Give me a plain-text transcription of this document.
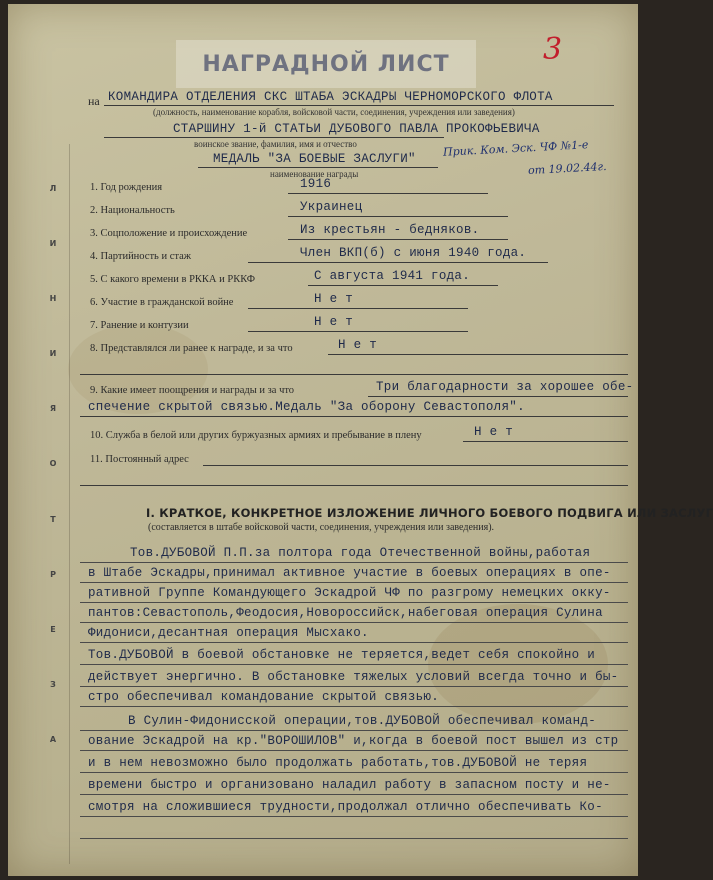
НАГРАДНОЙ ЛИСТ	3
на КОМАНДИРА ОТДЕЛЕНИЯ СКС ШТАБА ЭСКАДРЫ ЧЕРНОМОРСКОГО ФЛОТА
(должность, наименование корабля, войсковой части, соединения, учреждения или заведения)
СТАРШИНУ 1-й СТАТЬИ ДУБОВОГО ПАВЛА ПРОКОФЬЕВИЧА
воинское звание, фамилия, имя и отчество
МЕДАЛЬ "ЗА БОЕВЫЕ ЗАСЛУГИ"
наименование награды
Прик. Ком. Эск. ЧФ №1-е
от 19.02.44г.
1. Год рождения	1916
2. Национальность	Украинец
3. Соцположение и происхождение	Из крестьян - бедняков.
4. Партийность и стаж	Член ВКП(б) с июня 1940 года.
5. С какого времени в РККА и РККФ	С августа 1941 года.
6. Участие в гражданской войне	Н е т
7. Ранение и контузии	Н е т
8. Представлялся ли ранее к награде, и за что	Н е т
9. Какие имеет поощрения и награды и за что	Три благодарности за хорошее обе-
спечение скрытой связью.Медаль "За оборону Севастополя".
10. Служба в белой или других буржуазных армиях и пребывание в плену	Н е т
11. Постоянный адрес
I. КРАТКОЕ, КОНКРЕТНОЕ ИЗЛОЖЕНИЕ ЛИЧНОГО БОЕВОГО ПОДВИГА ИЛИ ЗАСЛУГ
(составляется в штабе войсковой части, соединения, учреждения или заведения).
Тов.ДУБОВОЙ П.П.за полтора года Отечественной войны,работая
в Штабе Эскадры,принимал активное участие в боевых операциях в опе-
ративной Группе Командующего Эскадрой ЧФ по разгрому немецких окку-
пантов:Севастополь,Феодосия,Новороссийск,набеговая операция Сулина
Фидониси,десантная операция Мысхако.
Тов.ДУБОВОЙ в боевой обстановке не теряется,ведет себя спокойно и
действует энергично. В обстановке тяжелых условий всегда точно и бы-
стро обеспечивал командование скрытой связью.
В Сулин-Фидонисской операции,тов.ДУБОВОЙ обеспечивал команд-
ование Эскадрой на кр."ВОРОШИЛОВ" и,когда в боевой пост вышел из стр
и в нем невозможно было продолжать работать,тов.ДУБОВОЙ не теряя
времени быстро и организовано наладил работу в запасном посту и не-
смотря на сложившиеся трудности,продолжал отлично обеспечивать Ко-
Л
И
Н
И
Я
О
Т
Р
Е
З
А
